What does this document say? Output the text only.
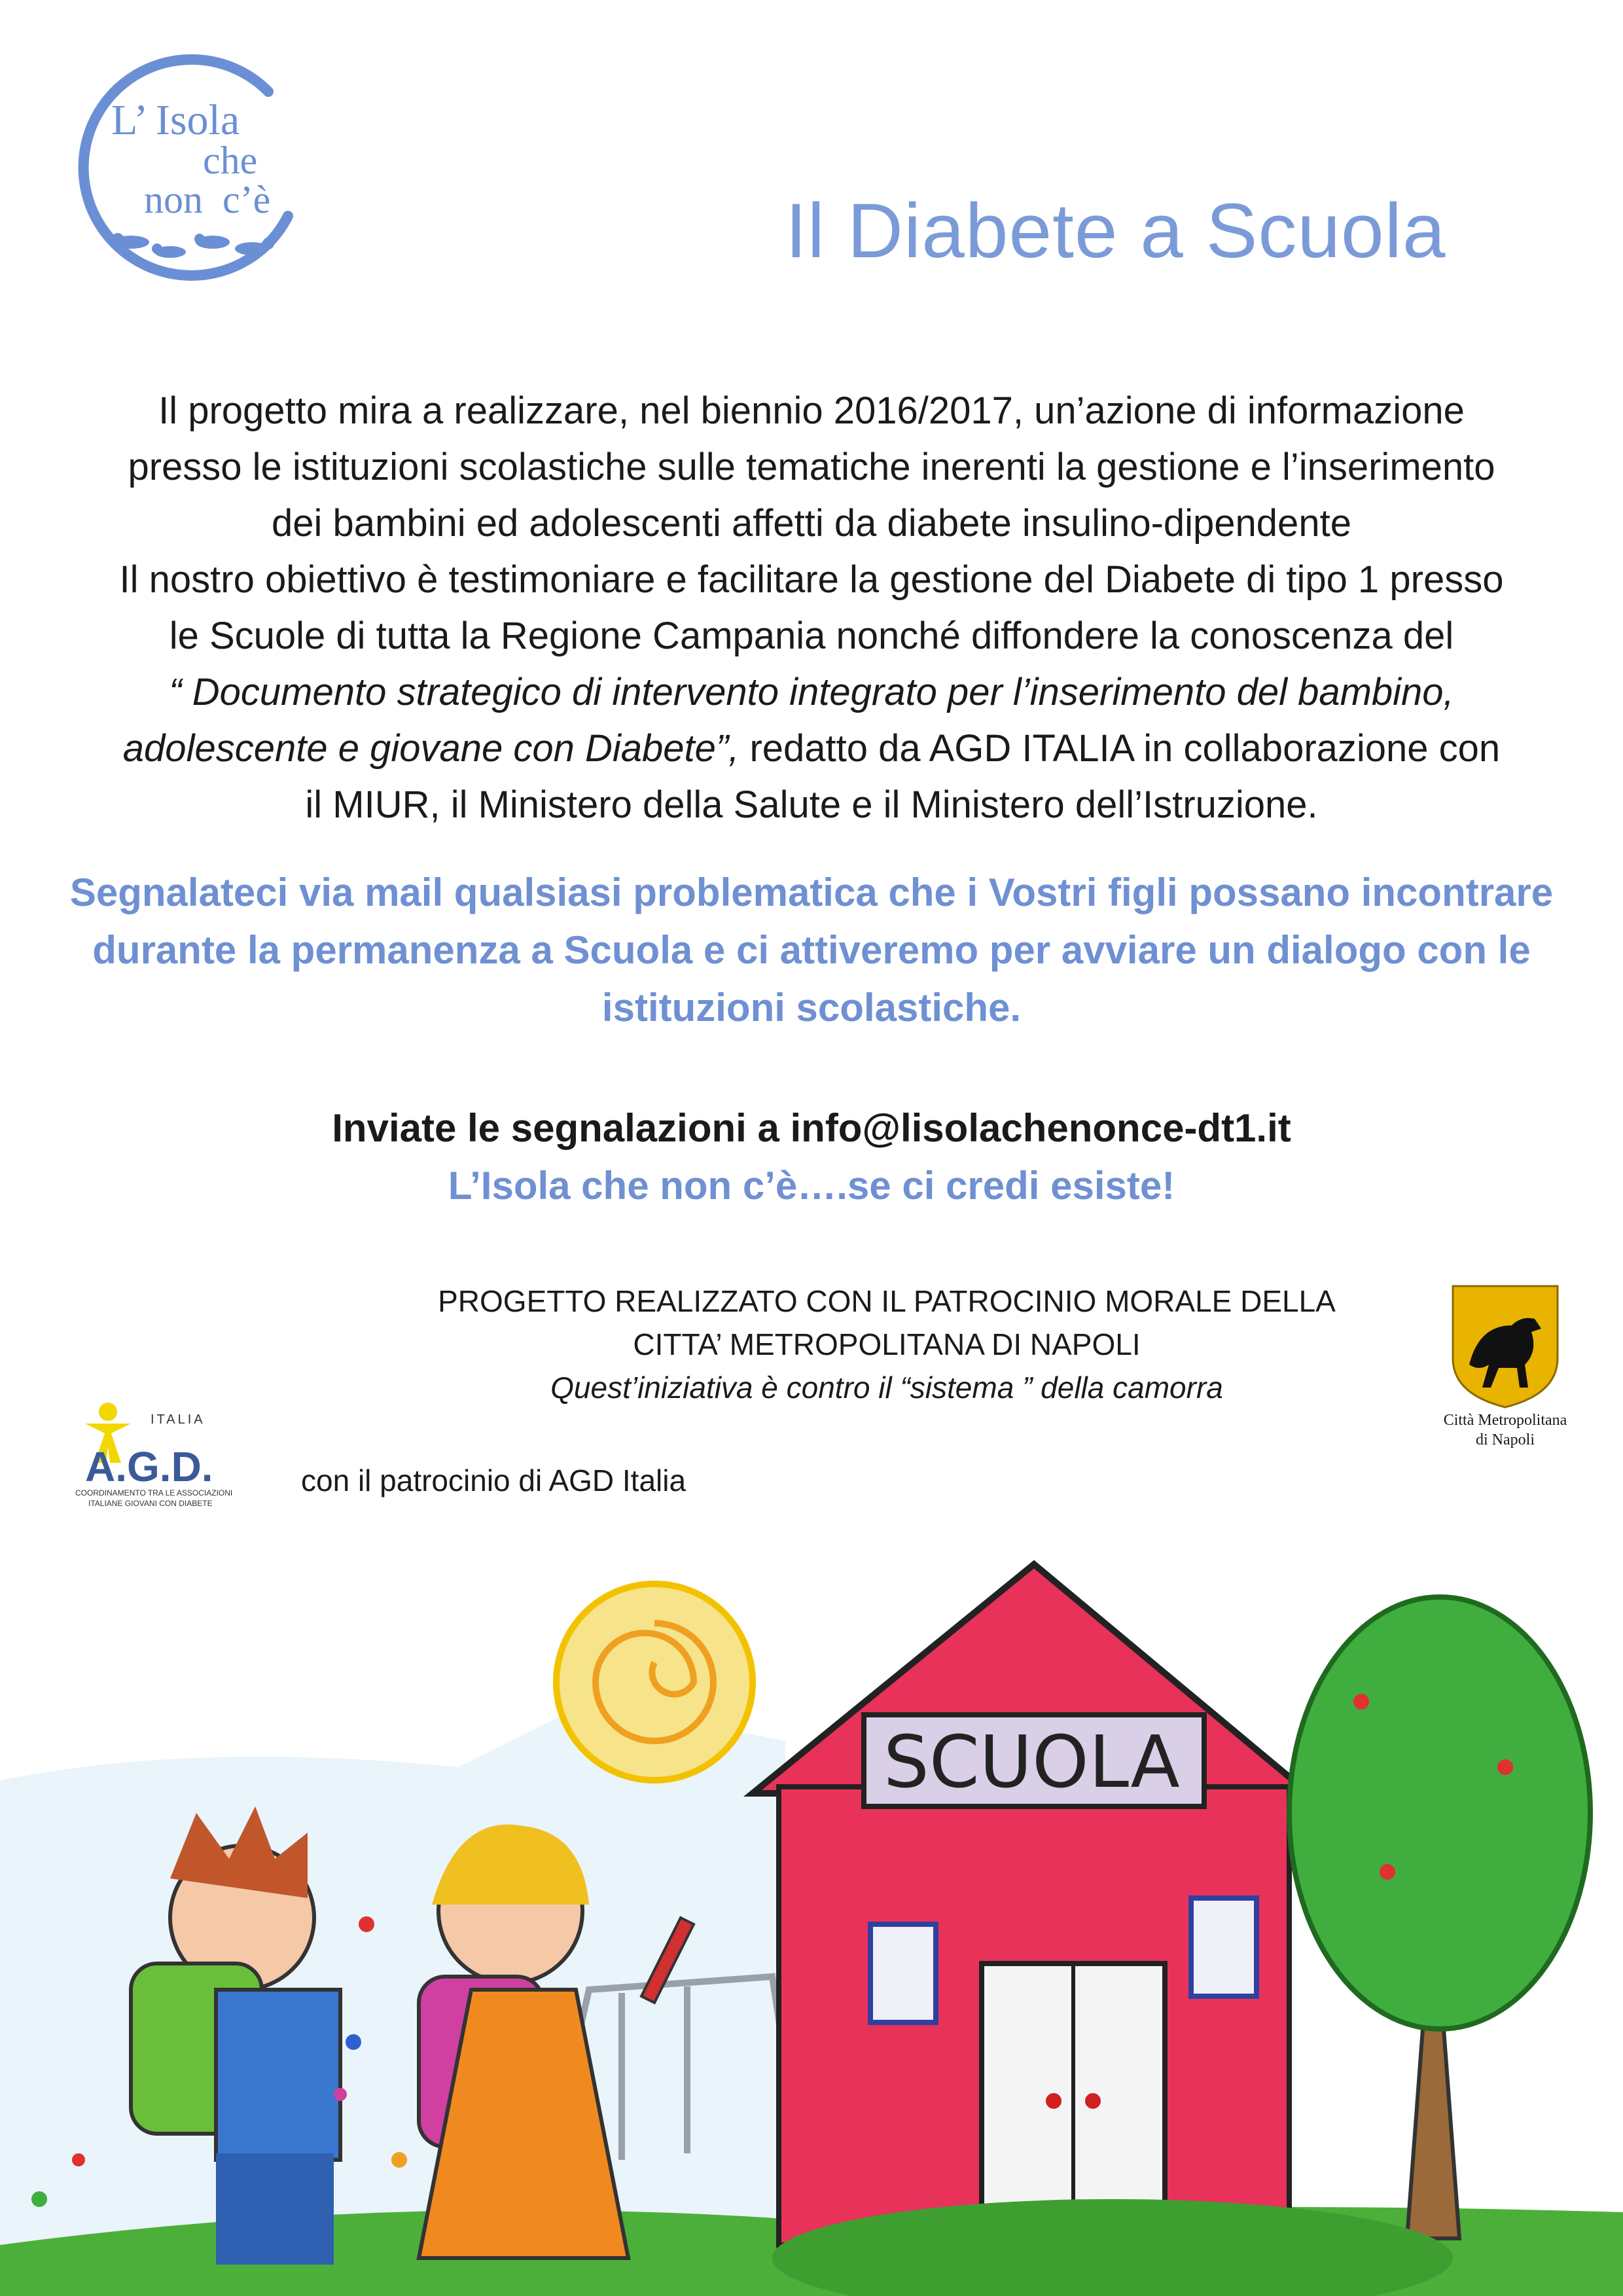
L’ Isola
che
non c’è	Il Diabete a Scuola

Il progetto mira a realizzare, nel biennio 2016/2017, un’azione di informazione

presso le istituzioni scolastiche sulle tematiche inerenti la gestione e l’inserimento

dei bambini ed adolescenti affetti da diabete insulino-dipendente

Il nostro obiettivo è testimoniare e facilitare la gestione del Diabete di tipo 1 presso

le Scuole di tutta la Regione Campania nonché diffondere la conoscenza del

“ Documento strategico di intervento integrato per l’inserimento del bambino,

adolescente e giovane con Diabete”, redatto da AGD ITALIA in collaborazione con

il MIUR, il Ministero della Salute e il Ministero dell’Istruzione.

Segnalateci via mail qualsiasi problematica che i Vostri figli possano incontrare

durante la permanenza a Scuola e ci attiveremo per avviare un dialogo con le

istituzioni scolastiche.

Inviate le segnalazioni a info@lisolachenonce-dt1.it
L’Isola che non c’è….se ci credi esiste!

PROGETTO REALIZZATO CON IL PATROCINIO MORALE DELLA

CITTA’ METROPOLITANA DI NAPOLI

Quest’iniziativa è contro il “sistema ” della camorra

ITALIA
A.G.D.
COORDINAMENTO TRA LE ASSOCIAZIONI
ITALIANE GIOVANI CON DIABETE
con il patrocinio di AGD Italia
Città Metropolitana
di Napoli
SCUOLA
